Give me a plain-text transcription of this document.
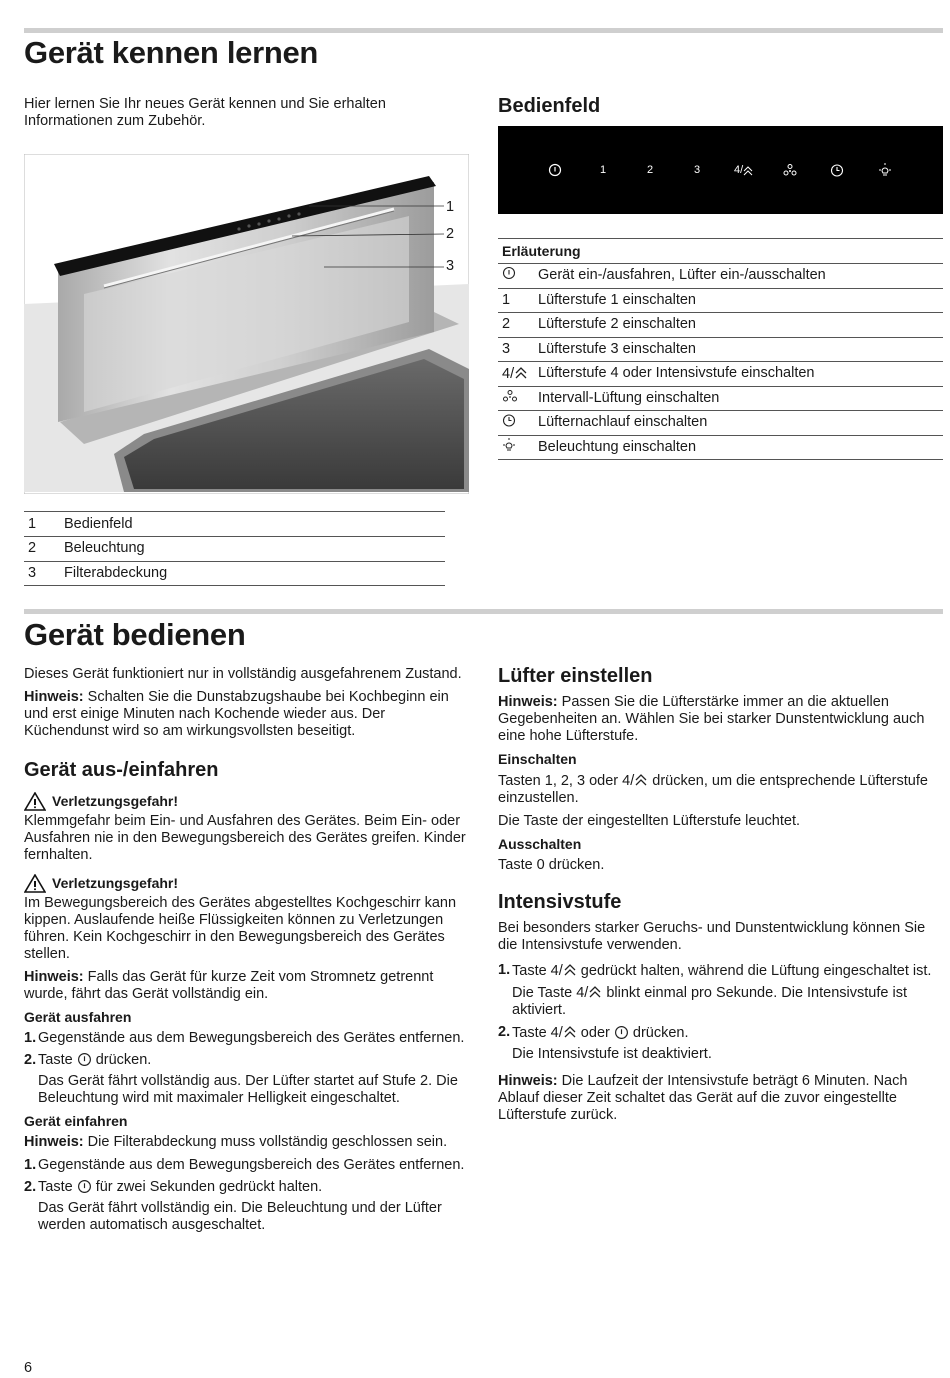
Gerät kennen lernen
Hier lernen Sie Ihr neues Gerät kennen und Sie erhalten Informationen zum Zubehör.
1
2
3
1	Bedienfeld
2	Beleuchtung
3	Filterabdeckung
Bedienfeld
1	2	3	4/
Erläuterung	
	Gerät ein-/ausfahren, Lüfter ein-/ausschalten
1	Lüfterstufe 1 einschalten
2	Lüfterstufe 2 einschalten
3	Lüfterstufe 3 einschalten
4/	Lüfterstufe 4 oder Intensivstufe einschalten
	Intervall-Lüftung einschalten
	Lüfternachlauf einschalten
	Beleuchtung einschalten
Gerät bedienen

Dieses Gerät funktioniert nur in vollständig ausgefahrenem Zustand.

Hinweis: Schalten Sie die Dunstabzugshaube bei Kochbeginn ein und erst einige Minuten nach Kochende wieder aus. Der Küchendunst wird so am wirkungsvollsten beseitigt.

Gerät aus-/einfahren
Verletzungsgefahr!

Klemmgefahr beim Ein- und Ausfahren des Gerätes. Beim Ein- oder Ausfahren nie in den Bewegungsbereich des Gerätes greifen. Kinder fernhalten.

Verletzungsgefahr!

Im Bewegungsbereich des Gerätes abgestelltes Kochgeschirr kann kippen. Auslaufende heiße Flüssigkeiten können zu Verletzungen führen. Kein Kochgeschirr in den Bewegungsbereich des Gerätes stellen.

Hinweis: Falls das Gerät für kurze Zeit vom Stromnetz getrennt wurde, fährt das Gerät vollständig ein.

Gerät ausfahren
1. Gegenstände aus dem Bewegungsbereich des Gerätes entfernen.
2. Taste  drücken.
Das Gerät fährt vollständig aus. Der Lüfter startet auf Stufe 2. Die Beleuchtung wird mit maximaler Helligkeit eingeschaltet.
Gerät einfahren

Hinweis: Die Filterabdeckung muss vollständig geschlossen sein.

1. Gegenstände aus dem Bewegungsbereich des Gerätes entfernen.
2. Taste  für zwei Sekunden gedrückt halten.
Das Gerät fährt vollständig ein. Die Beleuchtung und der Lüfter werden automatisch ausgeschaltet.
Lüfter einstellen

Hinweis: Passen Sie die Lüfterstärke immer an die aktuellen Gegebenheiten an. Wählen Sie bei starker Dunstentwicklung auch eine hohe Lüfterstufe.

Einschalten

Tasten 1, 2, 3 oder 4/ drücken, um die entsprechende Lüfterstufe einzustellen.

Die Taste der eingestellten Lüfterstufe leuchtet.

Ausschalten

Taste 0 drücken.

Intensivstufe

Bei besonders starker Geruchs- und Dunstentwicklung können Sie die Intensivstufe verwenden.

1. Taste 4/ gedrückt halten, während die Lüftung eingeschaltet ist.
Die Taste 4/ blinkt einmal pro Sekunde. Die Intensivstufe ist aktiviert.
2. Taste 4/ oder  drücken.
Die Intensivstufe ist deaktiviert.

Hinweis: Die Laufzeit der Intensivstufe beträgt 6 Minuten. Nach Ablauf dieser Zeit schaltet das Gerät auf die zuvor eingestellte Lüfterstufe zurück.

6
